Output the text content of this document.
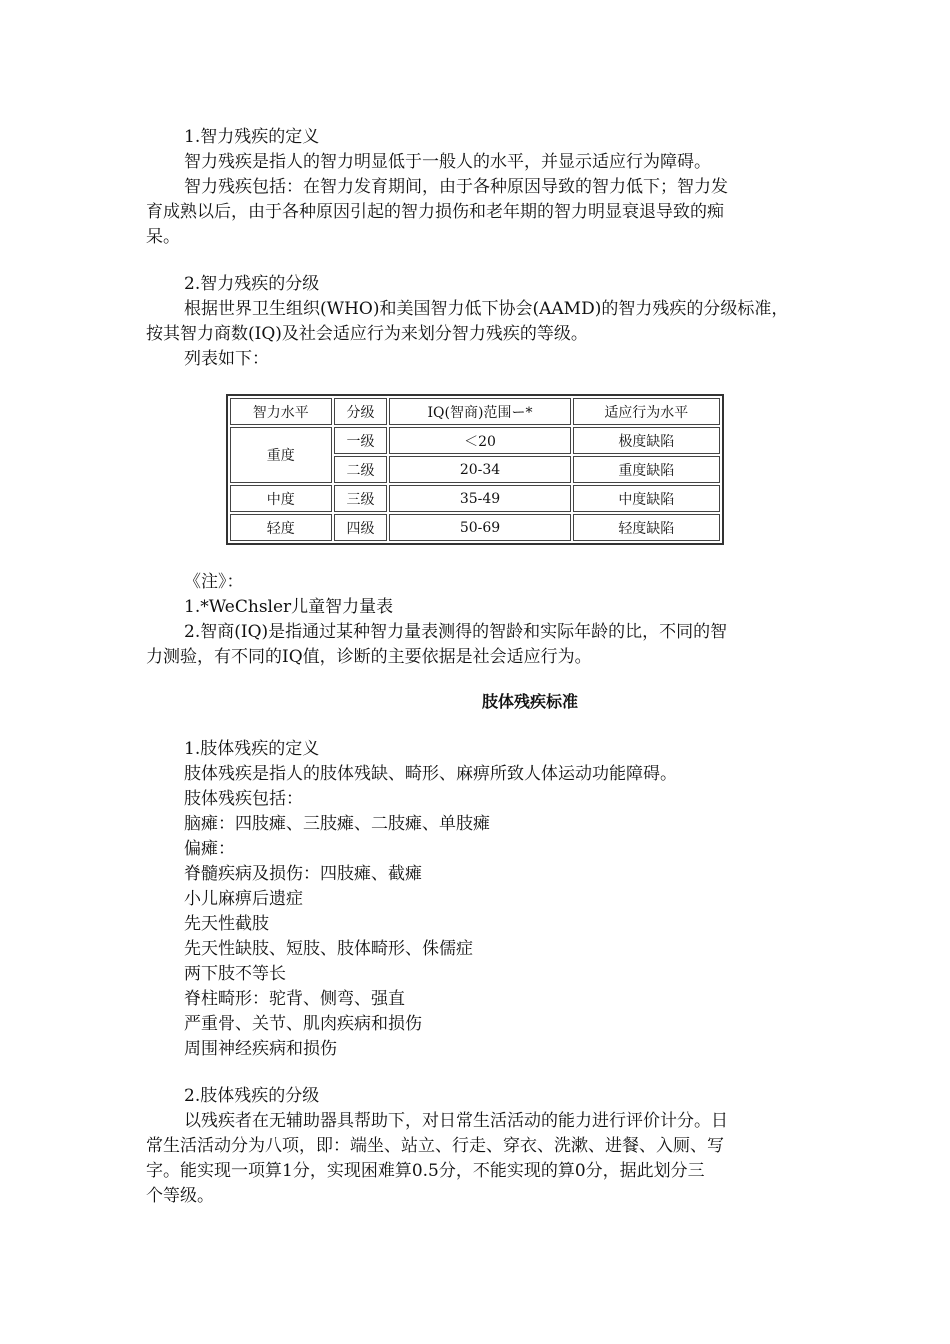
1.智力残疾的定义
智力残疾是指人的智力明显低于一般人的水平，并显示适应行为障碍。
智力残疾包括：在智力发育期间，由于各种原因导致的智力低下；智力发
育成熟以后，由于各种原因引起的智力损伤和老年期的智力明显衰退导致的痴
呆。
2.智力残疾的分级
根据世界卫生组织(WHO)和美国智力低下协会(AAMD)的智力残疾的分级标准，
按其智力商数(IQ)及社会适应行为来划分智力残疾的等级。
列表如下：
智力水平	分级	IQ(智商)范围ー*	适应行为水平
重度	一级	＜20	极度缺陷
	二级	20-34	重度缺陷
中度	三级	35-49	中度缺陷
轻度	四级	50-69	轻度缺陷
《注》：
1.*WeChsler儿童智力量表
2.智商(IQ)是指通过某种智力量表测得的智龄和实际年龄的比，不同的智
力测验，有不同的IQ值，诊断的主要依据是社会适应行为。
肢体残疾标准
1.肢体残疾的定义
肢体残疾是指人的肢体残缺、畸形、麻痹所致人体运动功能障碍。
肢体残疾包括：
脑瘫：四肢瘫、三肢瘫、二肢瘫、单肢瘫
偏瘫：
脊髓疾病及损伤：四肢瘫、截瘫
小儿麻痹后遗症
先天性截肢
先天性缺肢、短肢、肢体畸形、侏儒症
两下肢不等长
脊柱畸形：驼背、侧弯、强直
严重骨、关节、肌肉疾病和损伤
周围神经疾病和损伤
2.肢体残疾的分级
以残疾者在无辅助器具帮助下，对日常生活活动的能力进行评价计分。日
常生活活动分为八项，即：端坐、站立、行走、穿衣、洗漱、进餐、入厕、写
字。能实现一项算1分，实现困难算0.5分，不能实现的算0分，据此划分三
个等级。
